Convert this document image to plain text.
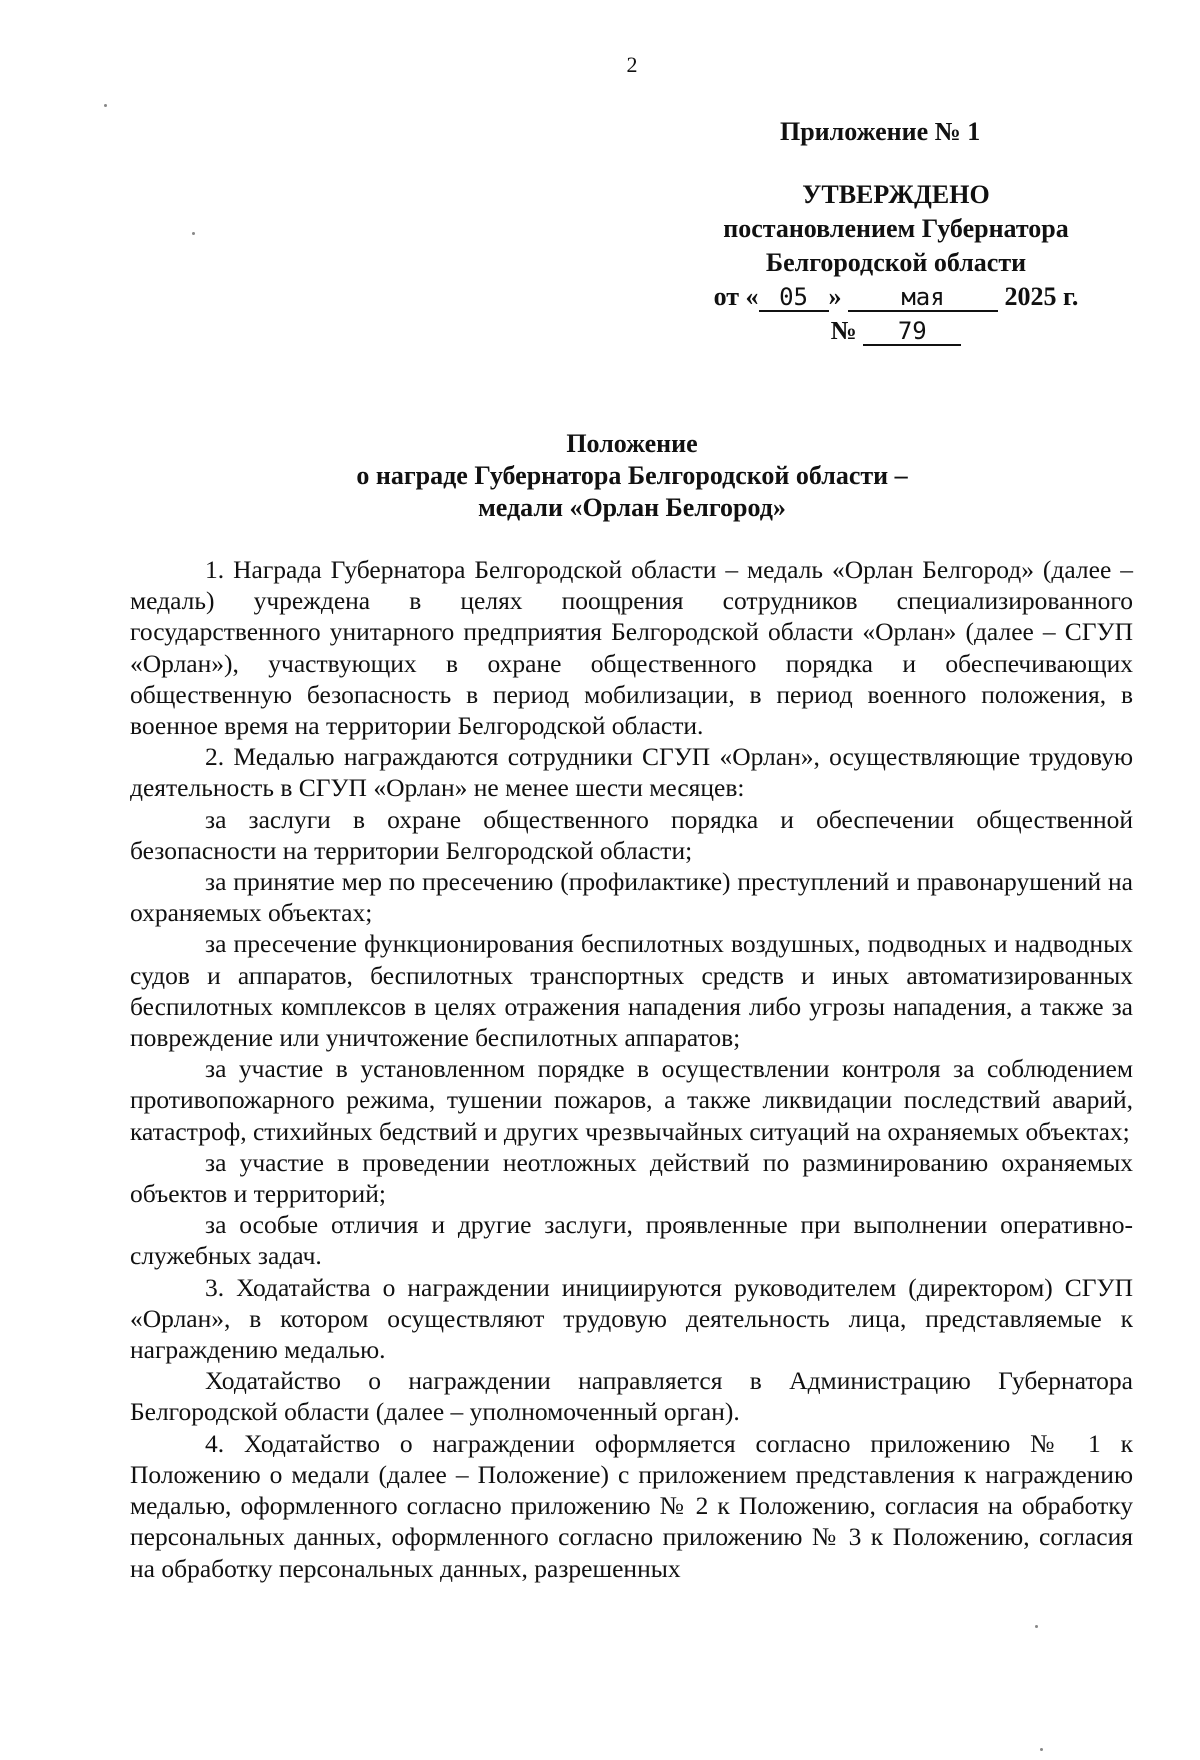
2
Приложение № 1
УТВЕРЖДЕНО
постановлением Губернатора
Белгородской области
от « 05 » мая 2025 г.
№ 79
Положение
о награде Губернатора Белгородской области –
медали «Орлан Белгород»

1. Награда Губернатора Белгородской области – медаль «Орлан Белгород» (далее – медаль) учреждена в целях поощрения сотрудников специализированного государственного унитарного предприятия Белгородской области «Орлан» (далее – СГУП «Орлан»), участвующих в охране общественного порядка и обеспечивающих общественную безопасность в период мобилизации, в период военного положения, в военное время на территории Белгородской области.

2. Медалью награждаются сотрудники СГУП «Орлан», осуществляющие трудовую деятельность в СГУП «Орлан» не менее шести месяцев:

за заслуги в охране общественного порядка и обеспечении общественной безопасности на территории Белгородской области;

за принятие мер по пресечению (профилактике) преступлений и правонарушений на охраняемых объектах;

за пресечение функционирования беспилотных воздушных, подводных и надводных судов и аппаратов, беспилотных транспортных средств и иных автоматизированных беспилотных комплексов в целях отражения нападения либо угрозы нападения, а также за повреждение или уничтожение беспилотных аппаратов;

за участие в установленном порядке в осуществлении контроля за соблюдением противопожарного режима, тушении пожаров, а также ликвидации последствий аварий, катастроф, стихийных бедствий и других чрезвычайных ситуаций на охраняемых объектах;

за участие в проведении неотложных действий по разминированию охраняемых объектов и территорий;

за особые отличия и другие заслуги, проявленные при выполнении оперативно-служебных задач.

3. Ходатайства о награждении инициируются руководителем (директором) СГУП «Орлан», в котором осуществляют трудовую деятельность лица, представляемые к награждению медалью.

Ходатайство о награждении направляется в Администрацию Губернатора Белгородской области (далее – уполномоченный орган).

4. Ходатайство о награждении оформляется согласно приложению № 1 к Положению о медали (далее – Положение) с приложением представления к награждению медалью, оформленного согласно приложению № 2 к Положению, согласия на обработку персональных данных, оформленного согласно приложению № 3 к Положению, согласия на обработку персональных данных, разрешенных
